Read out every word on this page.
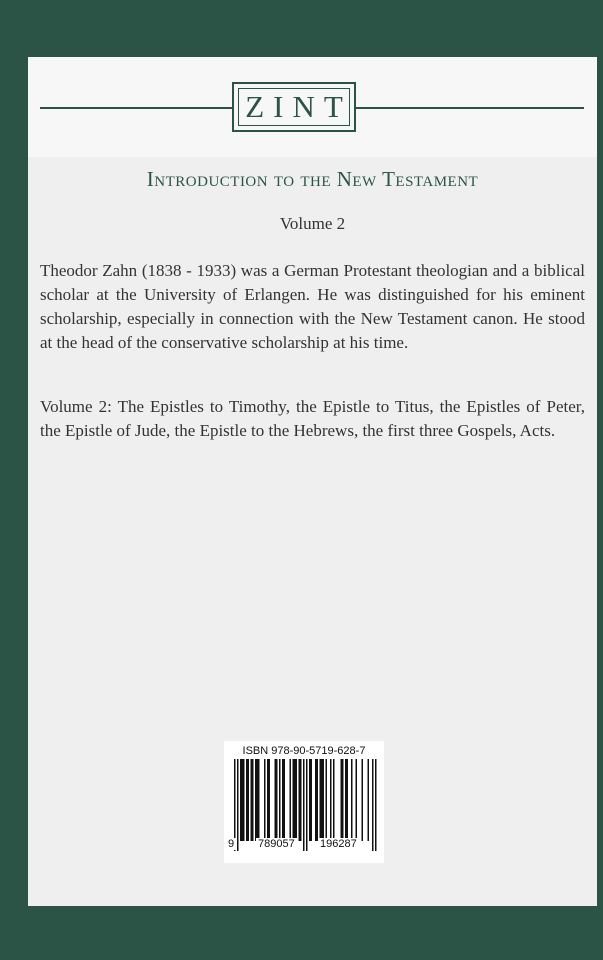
ZINT
Introduction to the New Testament
Volume 2

Theodor Zahn (1838 - 1933) was a German Protestant theologian and a biblical scholar at the University of Erlangen. He was distinguished for his eminent scholarship, especially in connection with the New Testament canon. He stood at the head of the conservative scholarship at his time.

Volume 2: The Epistles to Timothy, the Epistle to Titus, the Epistles of Peter, the Epistle of Jude, the Epistle to the Hebrews, the first three Gospels, Acts.

ISBN 978-90-5719-628-7
9 789057 196287
